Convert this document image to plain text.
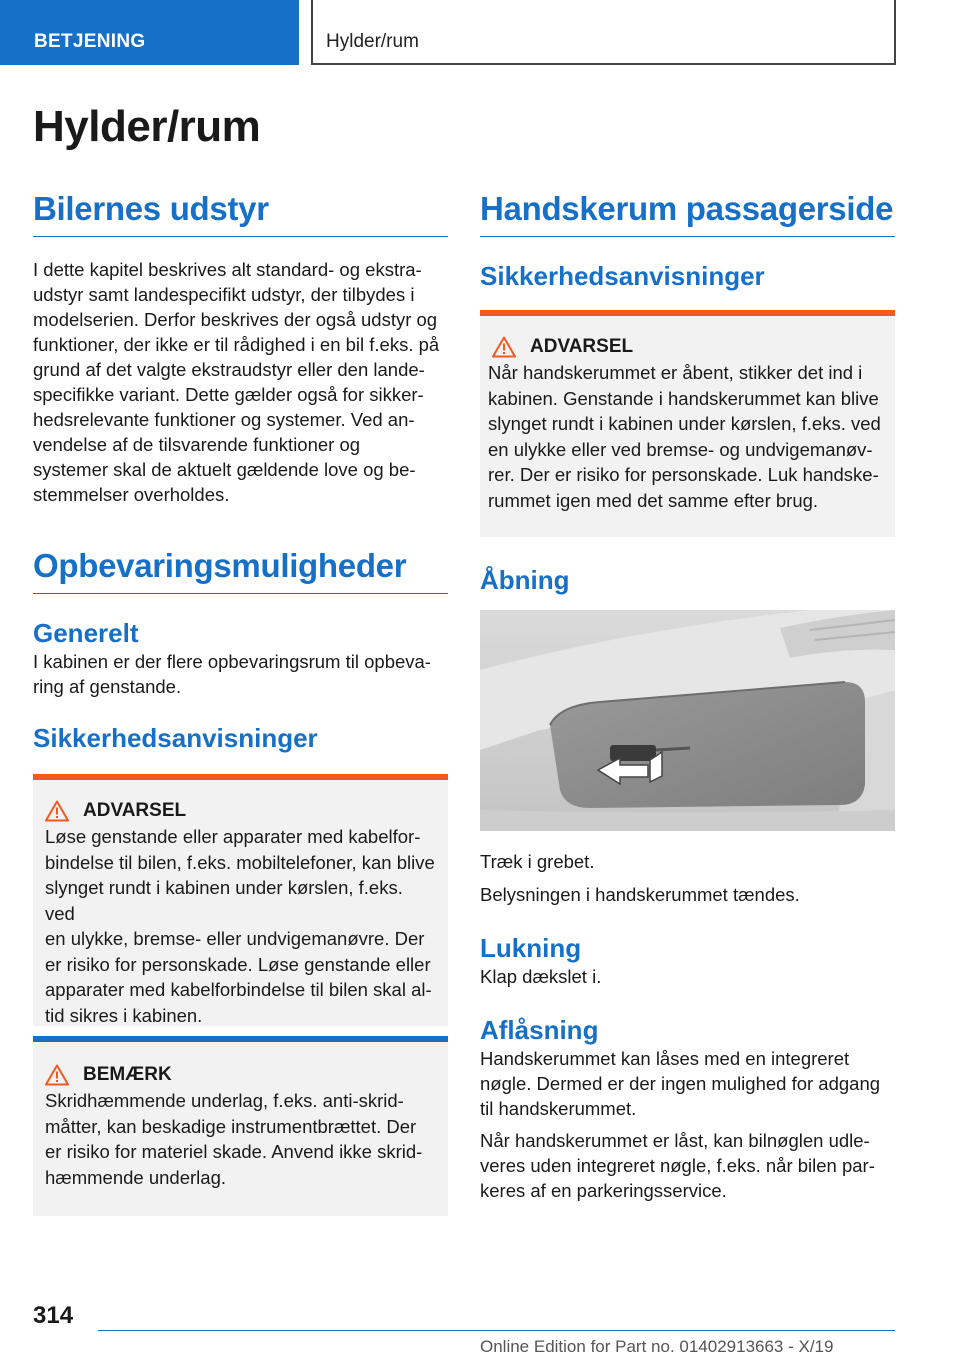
BETJENING	Hylder/rum
Hylder/rum
Bilernes udstyr
I dette kapitel beskrives alt standard- og ekstra-
udstyr samt landespecifikt udstyr, der tilbydes i
modelserien. Derfor beskrives der også udstyr og
funktioner, der ikke er til rådighed i en bil f.eks. på
grund af det valgte ekstraudstyr eller den lande-
specifikke variant. Dette gælder også for sikker-
hedsrelevante funktioner og systemer. Ved an-
vendelse af de tilsvarende funktioner og
systemer skal de aktuelt gældende love og be-
stemmelser overholdes.
Opbevaringsmuligheder
Generelt
I kabinen er der flere opbevaringsrum til opbeva-
ring af genstande.
Sikkerhedsanvisninger
ADVARSEL
Løse genstande eller apparater med kabelfor-
bindelse til bilen, f.eks. mobiltelefoner, kan blive
slynget rundt i kabinen under kørslen, f.eks. ved
en ulykke, bremse- eller undvigemanøvre. Der
er risiko for personskade. Løse genstande eller
apparater med kabelforbindelse til bilen skal al-
tid sikres i kabinen.
BEMÆRK
Skridhæmmende underlag, f.eks. anti-skrid-
måtter, kan beskadige instrumentbrættet. Der
er risiko for materiel skade. Anvend ikke skrid-
hæmmende underlag.
Handskerum passagerside
Sikkerhedsanvisninger
ADVARSEL
Når handskerummet er åbent, stikker det ind i
kabinen. Genstande i handskerummet kan blive
slynget rundt i kabinen under kørslen, f.eks. ved
en ulykke eller ved bremse- og undvigemanøv-
rer. Der er risiko for personskade. Luk handske-
rummet igen med det samme efter brug.
Åbning
Træk i grebet.
Belysningen i handskerummet tændes.
Lukning
Klap dækslet i.
Aflåsning
Handskerummet kan låses med en integreret
nøgle. Dermed er der ingen mulighed for adgang
til handskerummet.
Når handskerummet er låst, kan bilnøglen udle-
veres uden integreret nøgle, f.eks. når bilen par-
keres af en parkeringsservice.
314
Online Edition for Part no. 01402913663 - X/19
